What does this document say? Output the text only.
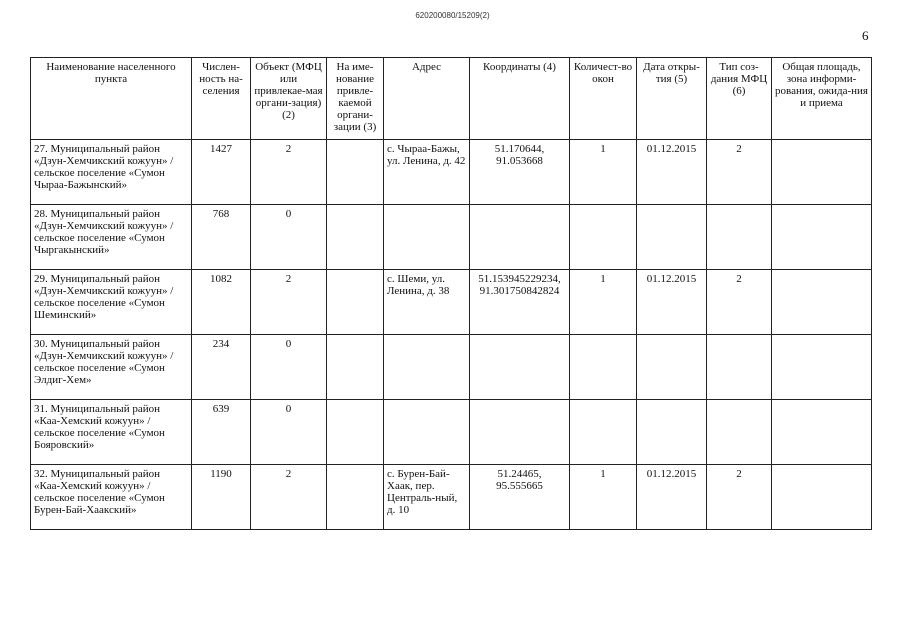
620200080/15209(2)
6
Наименование населенного пункта	Числен-ность на-селения	Объект (МФЦ или привлекае-мая органи-зация) (2)	На име-нование привле-каемой органи-зации (3)	Адрес	Координаты (4)	Количест-во окон	Дата откры-тия (5)	Тип соз-дания МФЦ (6)	Общая площадь, зона информи-рования, ожида-ния и приема
27. Муниципальный район «Дзун-Хемчикский кожуун» / сельское поселение «Сумон Чыраа-Бажынский»	1427	2		с. Чыраа-Бажы, ул. Ленина, д. 42	51.170644, 91.053668	1	01.12.2015	2	
28. Муниципальный район «Дзун-Хемчикский кожуун» / сельское поселение «Сумон Чыргакынский»	768	0							
29. Муниципальный район «Дзун-Хемчикский кожуун» / сельское поселение «Сумон Шеминский»	1082	2		с. Шеми, ул. Ленина, д. 38	51.153945229234, 91.301750842824	1	01.12.2015	2	
30. Муниципальный район «Дзун-Хемчикский кожуун» / сельское поселение «Сумон Элдиг-Хем»	234	0							
31. Муниципальный район «Каа-Хемский кожуун» / сельское поселение «Сумон Бояровский»	639	0							
32. Муниципальный район «Каа-Хемский кожуун» / сельское поселение «Сумон Бурен-Бай-Хаакский»	1190	2		с. Бурен-Бай-Хаак, пер. Централь-ный, д. 10	51.24465, 95.555665	1	01.12.2015	2	
